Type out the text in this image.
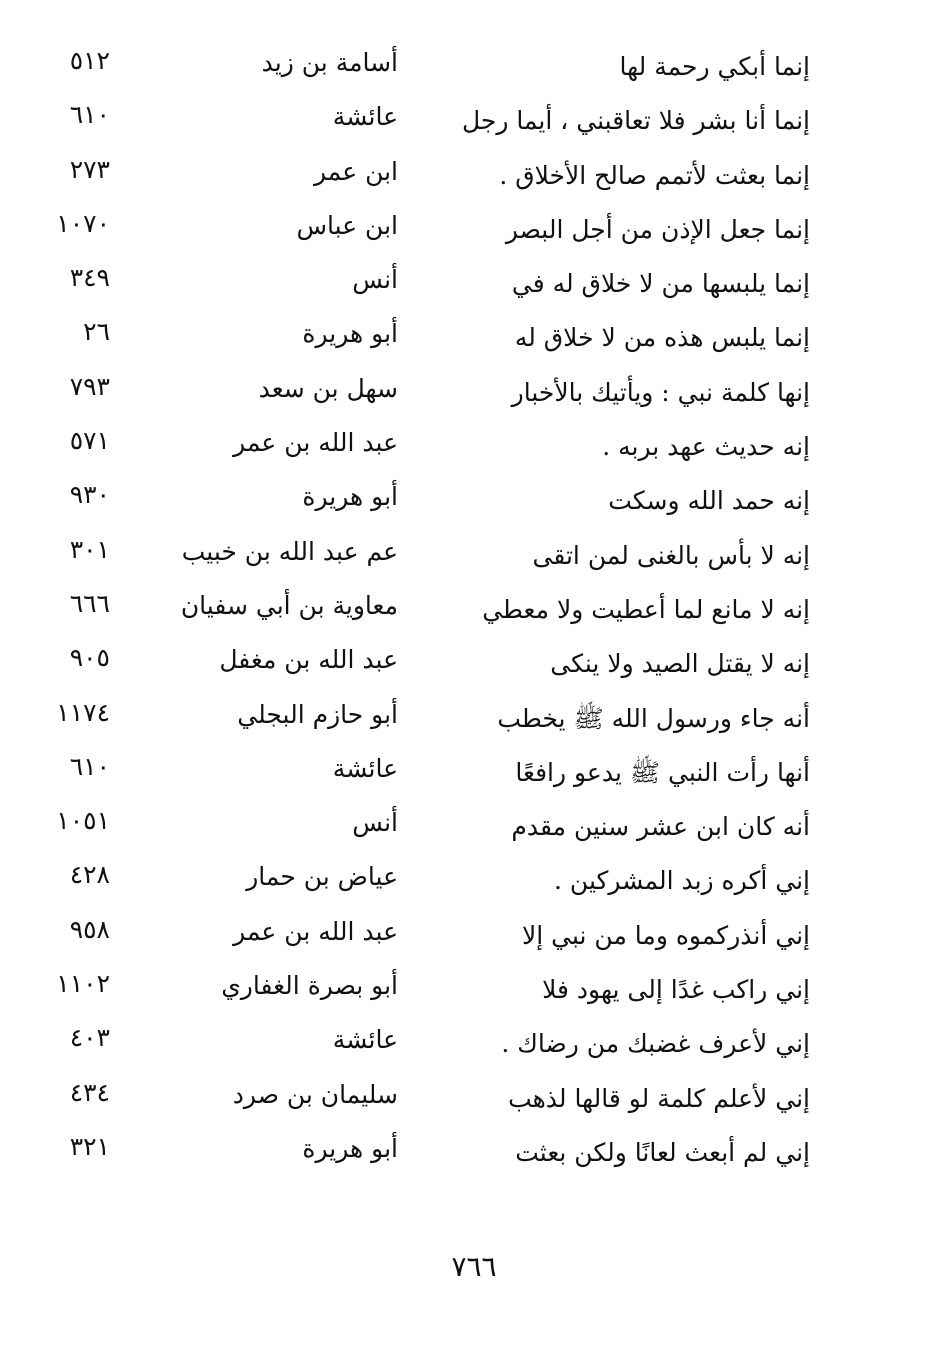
إنما أبكي رحمة لها
أسامة بن زيد
٥١٢
إنما أنا بشر فلا تعاقبني ، أيما رجل
عائشة
٦١٠
إنما بعثت لأتمم صالح الأخلاق .
ابن عمر
٢٧٣
إنما جعل الإذن من أجل البصر
ابن عباس
١٠٧٠
إنما يلبسها من لا خلاق له في
أنس
٣٤٩
إنما يلبس هذه من لا خلاق له
أبو هريرة
٢٦
إنها كلمة نبي : ويأتيك بالأخبار
سهل بن سعد
٧٩٣
إنه حديث عهد بربه .
عبد الله بن عمر
٥٧١
إنه حمد الله وسكت
أبو هريرة
٩٣٠
إنه لا بأس بالغنى لمن اتقى
عم عبد الله بن خبيب
٣٠١
إنه لا مانع لما أعطيت ولا معطي
معاوية بن أبي سفيان
٦٦٦
إنه لا يقتل الصيد ولا ينكى
عبد الله بن مغفل
٩٠٥
أنه جاء ورسول الله ﷺ يخطب
أبو حازم البجلي
١١٧٤
أنها رأت النبي ﷺ يدعو رافعًا
عائشة
٦١٠
أنه كان ابن عشر سنين مقدم
أنس
١٠٥١
إني أكره زبد المشركين .
عياض بن حمار
٤٢٨
إني أنذركموه وما من نبي إلا
عبد الله بن عمر
٩٥٨
إني راكب غدًا إلى يهود فلا
أبو بصرة الغفاري
١١٠٢
إني لأعرف غضبك من رضاك .
عائشة
٤٠٣
إني لأعلم كلمة لو قالها لذهب
سليمان بن صرد
٤٣٤
إني لم أبعث لعانًا ولكن بعثت
أبو هريرة
٣٢١
٧٦٦
